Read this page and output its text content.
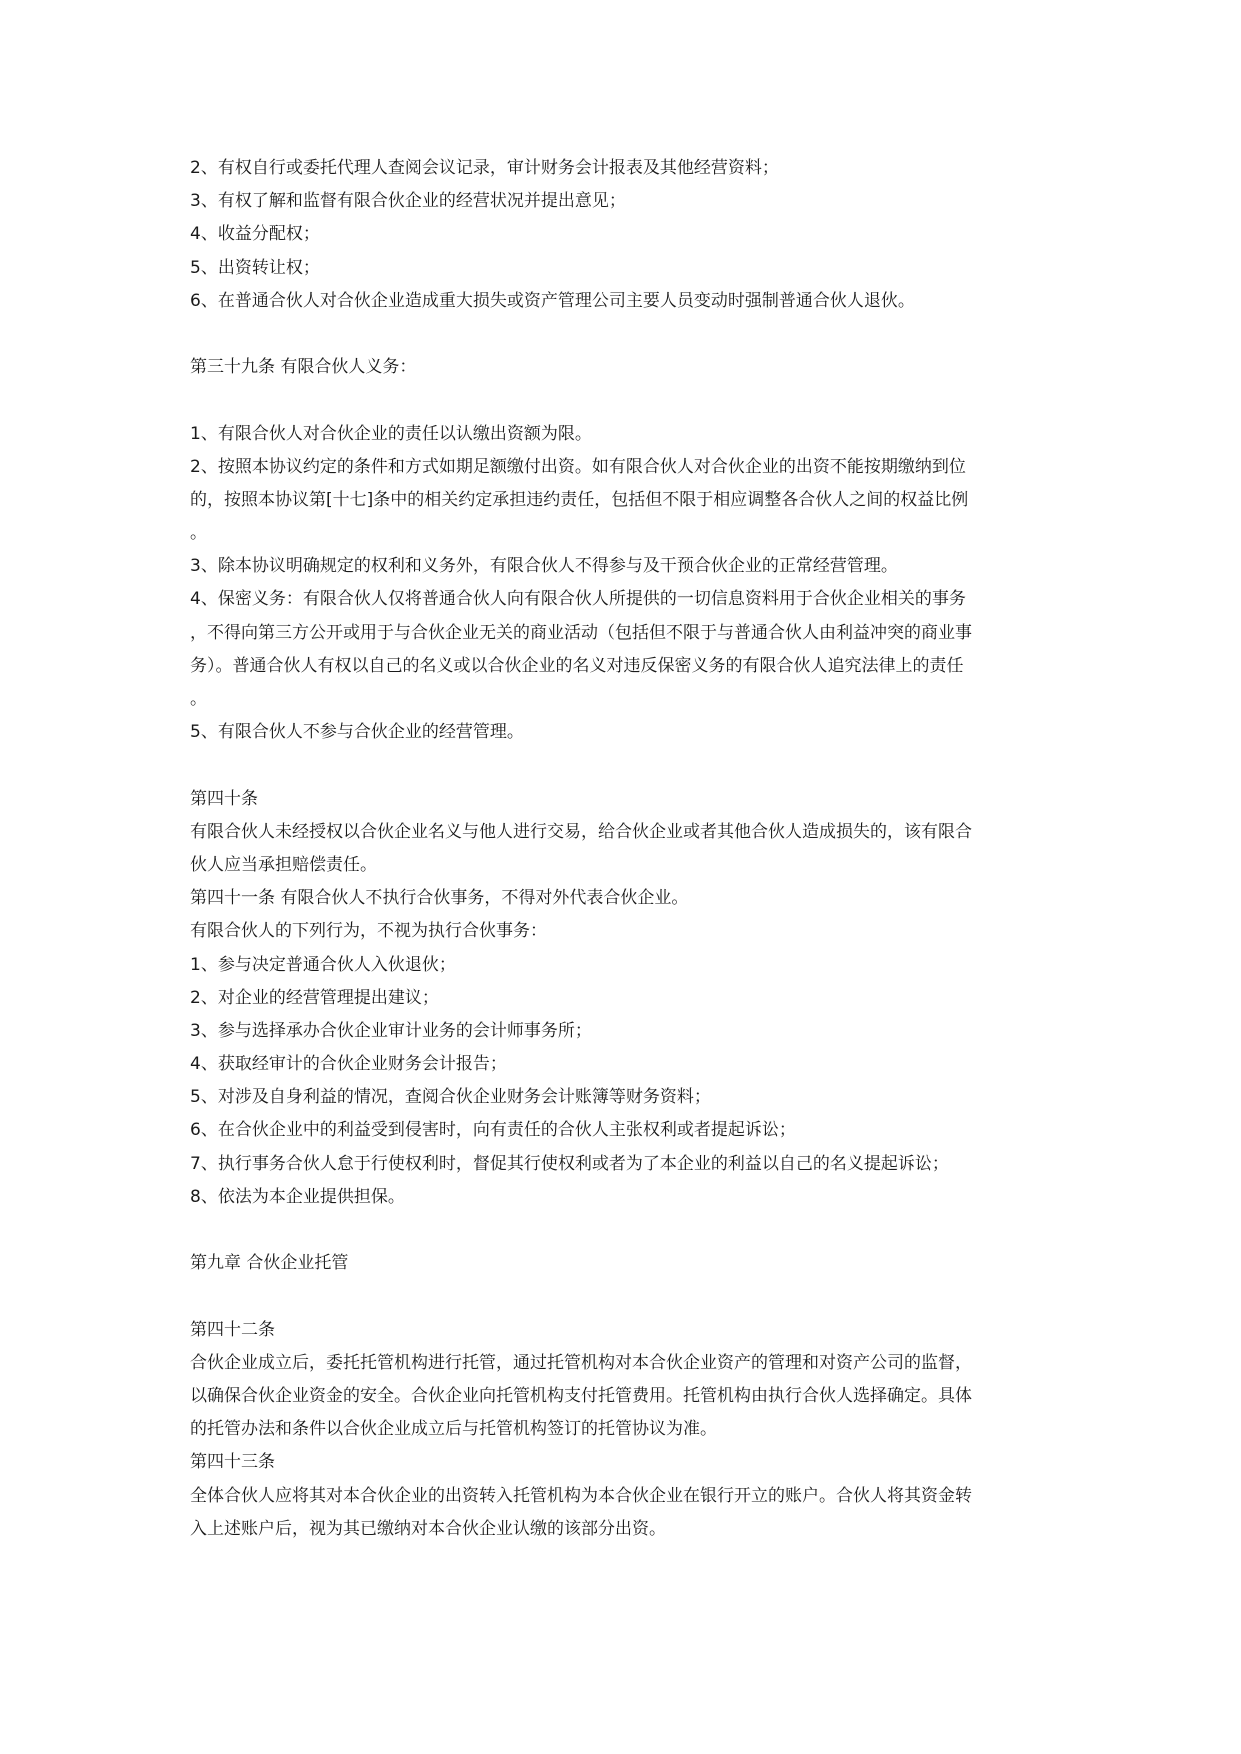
2、有权自行或委托代理人查阅会议记录，审计财务会计报表及其他经营资料；
3、有权了解和监督有限合伙企业的经营状况并提出意见；
4、收益分配权；
5、出资转让权；
6、在普通合伙人对合伙企业造成重大损失或资产管理公司主要人员变动时强制普通合伙人退伙。
第三十九条 有限合伙人义务：
1、有限合伙人对合伙企业的责任以认缴出资额为限。
2、按照本协议约定的条件和方式如期足额缴付出资。如有限合伙人对合伙企业的出资不能按期缴纳到位
的，按照本协议第[十七]条中的相关约定承担违约责任，包括但不限于相应调整各合伙人之间的权益比例
。
3、除本协议明确规定的权利和义务外，有限合伙人不得参与及干预合伙企业的正常经营管理。
4、保密义务：有限合伙人仅将普通合伙人向有限合伙人所提供的一切信息资料用于合伙企业相关的事务
，不得向第三方公开或用于与合伙企业无关的商业活动（包括但不限于与普通合伙人由利益冲突的商业事
务）。普通合伙人有权以自己的名义或以合伙企业的名义对违反保密义务的有限合伙人追究法律上的责任
。
5、有限合伙人不参与合伙企业的经营管理。
第四十条
有限合伙人未经授权以合伙企业名义与他人进行交易，给合伙企业或者其他合伙人造成损失的，该有限合
伙人应当承担赔偿责任。
第四十一条 有限合伙人不执行合伙事务，不得对外代表合伙企业。
有限合伙人的下列行为，不视为执行合伙事务：
1、参与决定普通合伙人入伙退伙；
2、对企业的经营管理提出建议；
3、参与选择承办合伙企业审计业务的会计师事务所；
4、获取经审计的合伙企业财务会计报告；
5、对涉及自身利益的情况，查阅合伙企业财务会计账簿等财务资料；
6、在合伙企业中的利益受到侵害时，向有责任的合伙人主张权利或者提起诉讼；
7、执行事务合伙人怠于行使权利时，督促其行使权利或者为了本企业的利益以自己的名义提起诉讼；
8、依法为本企业提供担保。
第九章 合伙企业托管
第四十二条
合伙企业成立后，委托托管机构进行托管，通过托管机构对本合伙企业资产的管理和对资产公司的监督，
以确保合伙企业资金的安全。合伙企业向托管机构支付托管费用。托管机构由执行合伙人选择确定。具体
的托管办法和条件以合伙企业成立后与托管机构签订的托管协议为准。
第四十三条
全体合伙人应将其对本合伙企业的出资转入托管机构为本合伙企业在银行开立的账户。合伙人将其资金转
入上述账户后，视为其已缴纳对本合伙企业认缴的该部分出资。
